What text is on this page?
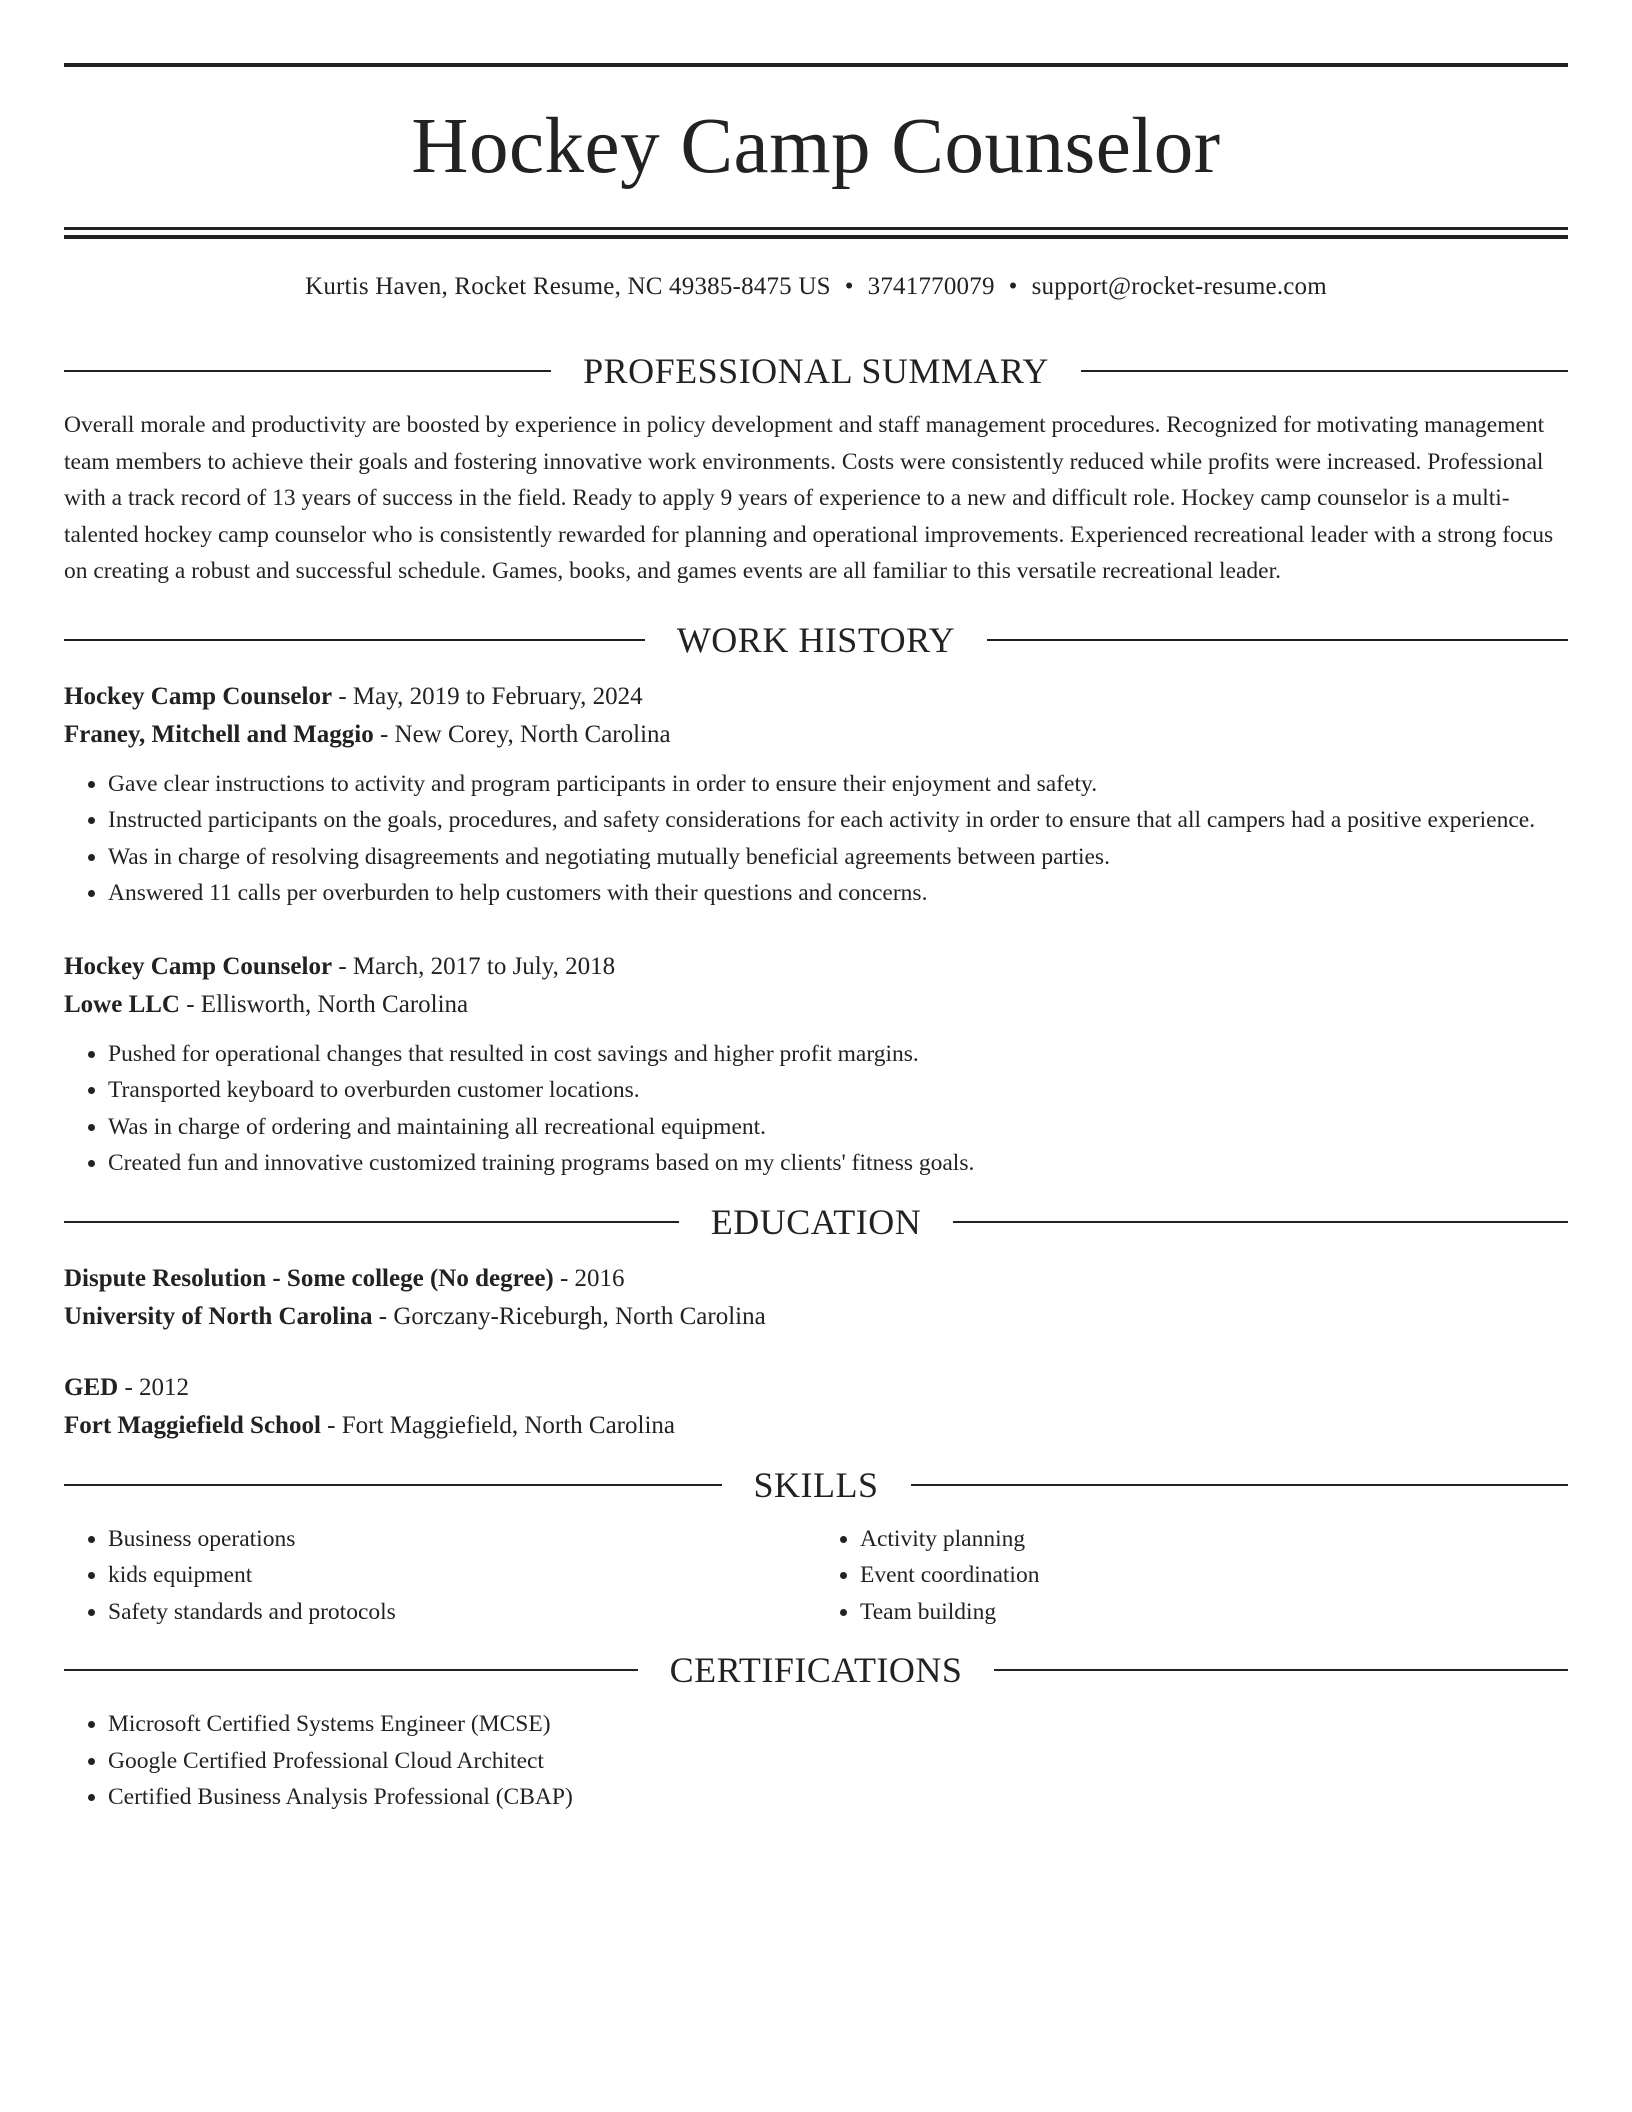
Hockey Camp Counselor
Kurtis Haven, Rocket Resume, NC 49385-8475 US • 3741770079 • support@rocket-resume.com
PROFESSIONAL SUMMARY

Overall morale and productivity are boosted by experience in policy development and staff management procedures. Recognized for motivating management team members to achieve their goals and fostering innovative work environments. Costs were consistently reduced while profits were increased. Professional with a track record of 13 years of success in the field. Ready to apply 9 years of experience to a new and difficult role. Hockey camp counselor is a multi-talented hockey camp counselor who is consistently rewarded for planning and operational improvements. Experienced recreational leader with a strong focus on creating a robust and successful schedule. Games, books, and games events are all familiar to this versatile recreational leader.

WORK HISTORY
Hockey Camp Counselor - May, 2019 to February, 2024
Franey, Mitchell and Maggio - New Corey, North Carolina
• Gave clear instructions to activity and program participants in order to ensure their enjoyment and safety.
• Instructed participants on the goals, procedures, and safety considerations for each activity in order to ensure that all campers had a positive experience.
• Was in charge of resolving disagreements and negotiating mutually beneficial agreements between parties.
• Answered 11 calls per overburden to help customers with their questions and concerns.
Hockey Camp Counselor - March, 2017 to July, 2018
Lowe LLC - Ellisworth, North Carolina
• Pushed for operational changes that resulted in cost savings and higher profit margins.
• Transported keyboard to overburden customer locations.
• Was in charge of ordering and maintaining all recreational equipment.
• Created fun and innovative customized training programs based on my clients' fitness goals.
EDUCATION
Dispute Resolution - Some college (No degree) - 2016
University of North Carolina - Gorczany-Riceburgh, North Carolina
GED - 2012
Fort Maggiefield School - Fort Maggiefield, North Carolina
SKILLS
• Business operations
• kids equipment
• Safety standards and protocols
• Activity planning
• Event coordination
• Team building
CERTIFICATIONS
• Microsoft Certified Systems Engineer (MCSE)
• Google Certified Professional Cloud Architect
• Certified Business Analysis Professional (CBAP)
